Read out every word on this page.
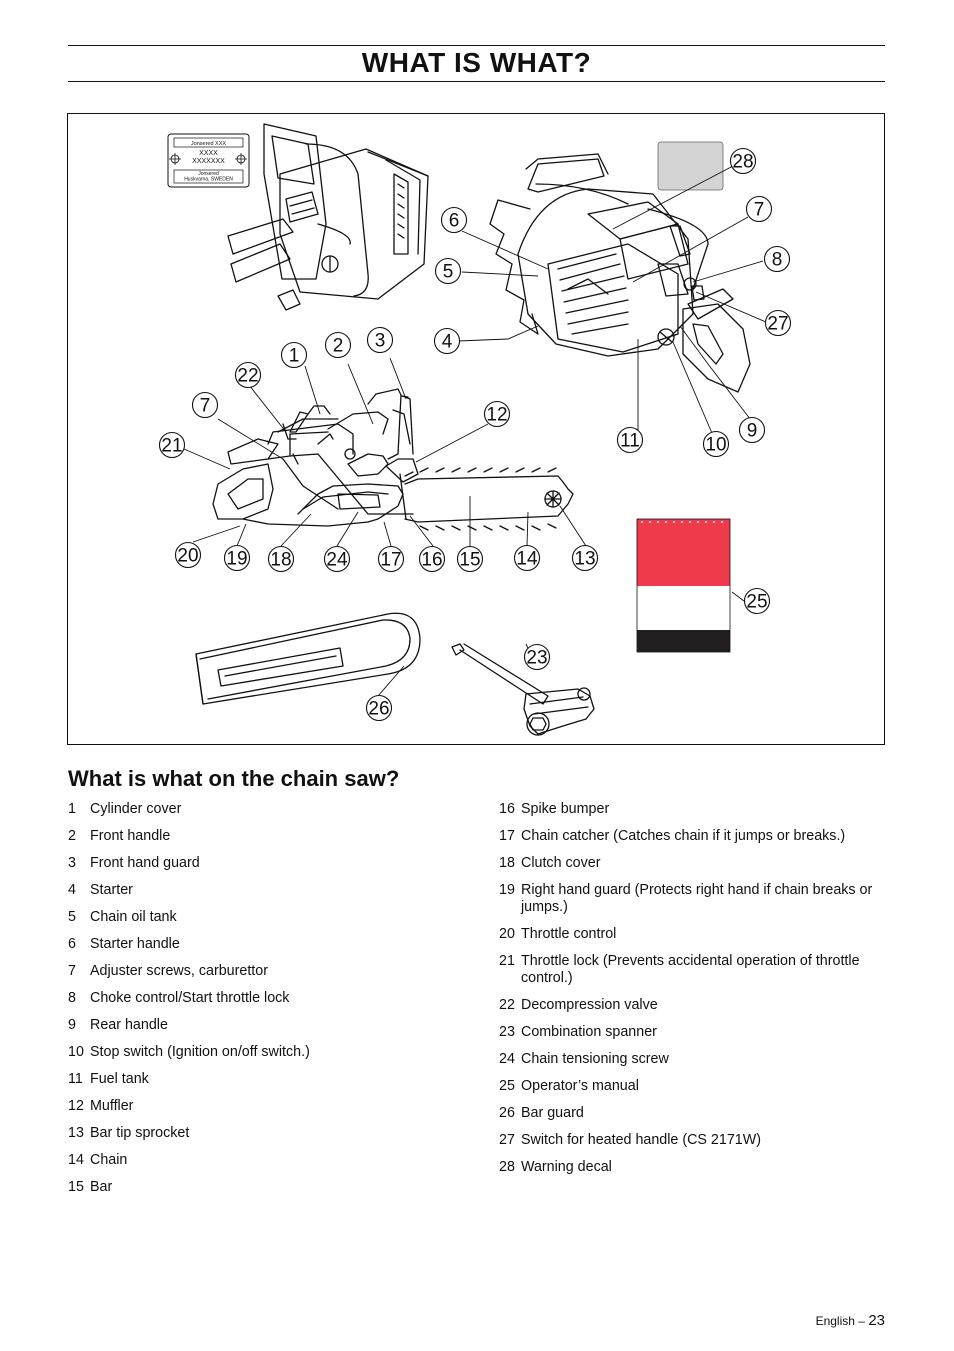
WHAT IS WHAT?
Jonsered XXX
XXXX
XXXXXXX
Jonsered
Huskvarna, SWEDEN
28
6
7
8
5
27
4
1 2 3
22
7	12
9
11	10
21
20 19 18 24 17 16 15 14 13
25
23
26
What is what on the chain saw?
1 Cylinder cover
2 Front handle
3 Front hand guard
4 Starter
5 Chain oil tank
6 Starter handle
7 Adjuster screws, carburettor
8 Choke control/Start throttle lock
9 Rear handle
10 Stop switch (Ignition on/off switch.)
11 Fuel tank
12 Muffler
13 Bar tip sprocket
14 Chain
15 Bar
16 Spike bumper
17 Chain catcher (Catches chain if it jumps or breaks.)
18 Clutch cover
19 Right hand guard (Protects right hand if chain breaks or jumps.)
20 Throttle control
21 Throttle lock (Prevents accidental operation of throttle control.)
22 Decompression valve
23 Combination spanner
24 Chain tensioning screw
25 Operator’s manual
26 Bar guard
27 Switch for heated handle (CS 2171W)
28 Warning decal
English – 23
